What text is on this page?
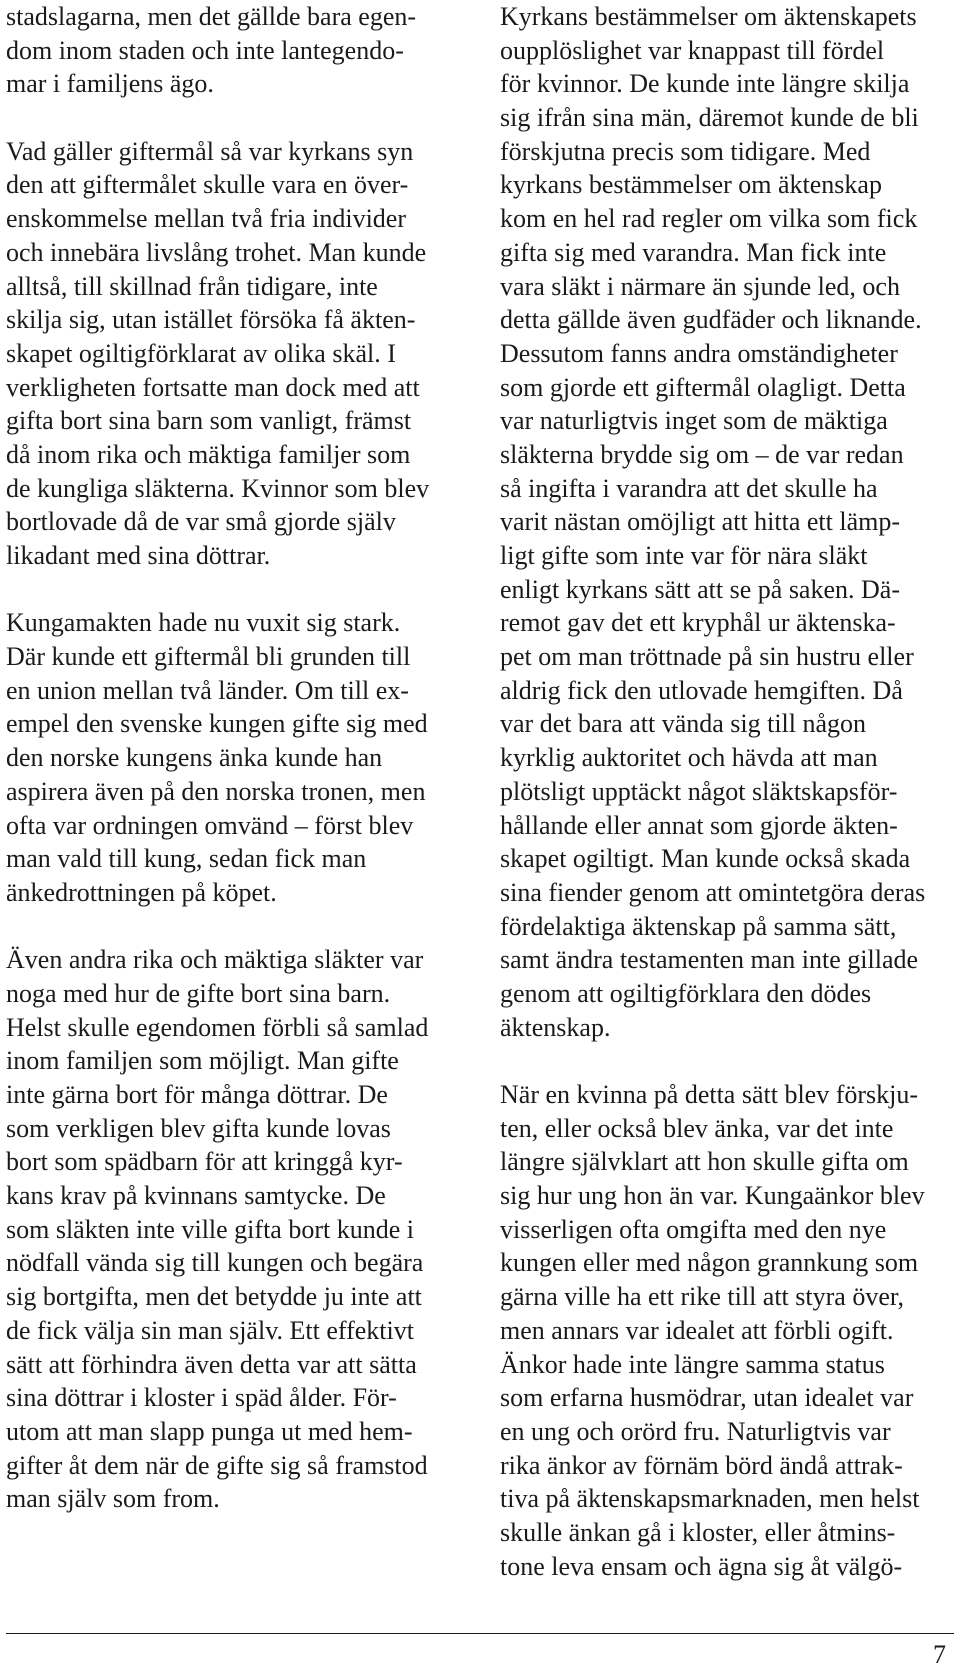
stadslagarna, men det gällde bara egen-
dom inom staden och inte lantegendo-
mar i familjens ägo.
Vad gäller giftermål så var kyrkans syn
den att giftermålet skulle vara en över-
enskommelse mellan två fria individer
och innebära livslång trohet. Man kunde
alltså, till skillnad från tidigare, inte
skilja sig, utan istället försöka få äkten-
skapet ogiltigförklarat av olika skäl. I
verkligheten fortsatte man dock med att
gifta bort sina barn som vanligt, främst
då inom rika och mäktiga familjer som
de kungliga släkterna. Kvinnor som blev
bortlovade då de var små gjorde själv
likadant med sina döttrar.
Kungamakten hade nu vuxit sig stark.
Där kunde ett giftermål bli grunden till
en union mellan två länder. Om till ex-
empel den svenske kungen gifte sig med
den norske kungens änka kunde han
aspirera även på den norska tronen, men
ofta var ordningen omvänd – först blev
man vald till kung, sedan fick man
änkedrottningen på köpet.
Även andra rika och mäktiga släkter var
noga med hur de gifte bort sina barn.
Helst skulle egendomen förbli så samlad
inom familjen som möjligt. Man gifte
inte gärna bort för många döttrar. De
som verkligen blev gifta kunde lovas
bort som spädbarn för att kringgå kyr-
kans krav på kvinnans samtycke. De
som släkten inte ville gifta bort kunde i
nödfall vända sig till kungen och begära
sig bortgifta, men det betydde ju inte att
de fick välja sin man själv. Ett effektivt
sätt att förhindra även detta var att sätta
sina döttrar i kloster i späd ålder. För-
utom att man slapp punga ut med hem-
gifter åt dem när de gifte sig så framstod
man själv som from.
Kyrkans bestämmelser om äktenskapets
oupplöslighet var knappast till fördel
för kvinnor. De kunde inte längre skilja
sig ifrån sina män, däremot kunde de bli
förskjutna precis som tidigare. Med
kyrkans bestämmelser om äktenskap
kom en hel rad regler om vilka som fick
gifta sig med varandra. Man fick inte
vara släkt i närmare än sjunde led, och
detta gällde även gudfäder och liknande.
Dessutom fanns andra omständigheter
som gjorde ett giftermål olagligt. Detta
var naturligtvis inget som de mäktiga
släkterna brydde sig om – de var redan
så ingifta i varandra att det skulle ha
varit nästan omöjligt att hitta ett lämp-
ligt gifte som inte var för nära släkt
enligt kyrkans sätt att se på saken. Dä-
remot gav det ett kryphål ur äktenska-
pet om man tröttnade på sin hustru eller
aldrig fick den utlovade hemgiften. Då
var det bara att vända sig till någon
kyrklig auktoritet och hävda att man
plötsligt upptäckt något släktskapsför-
hållande eller annat som gjorde äkten-
skapet ogiltigt. Man kunde också skada
sina fiender genom att omintetgöra deras
fördelaktiga äktenskap på samma sätt,
samt ändra testamenten man inte gillade
genom att ogiltigförklara den dödes
äktenskap.
När en kvinna på detta sätt blev förskju-
ten, eller också blev änka, var det inte
längre självklart att hon skulle gifta om
sig hur ung hon än var. Kungaänkor blev
visserligen ofta omgifta med den nye
kungen eller med någon grannkung som
gärna ville ha ett rike till att styra över,
men annars var idealet att förbli ogift.
Änkor hade inte längre samma status
som erfarna husmödrar, utan idealet var
en ung och orörd fru. Naturligtvis var
rika änkor av förnäm börd ändå attrak-
tiva på äktenskapsmarknaden, men helst
skulle änkan gå i kloster, eller åtmins-
tone leva ensam och ägna sig åt välgö-
7
